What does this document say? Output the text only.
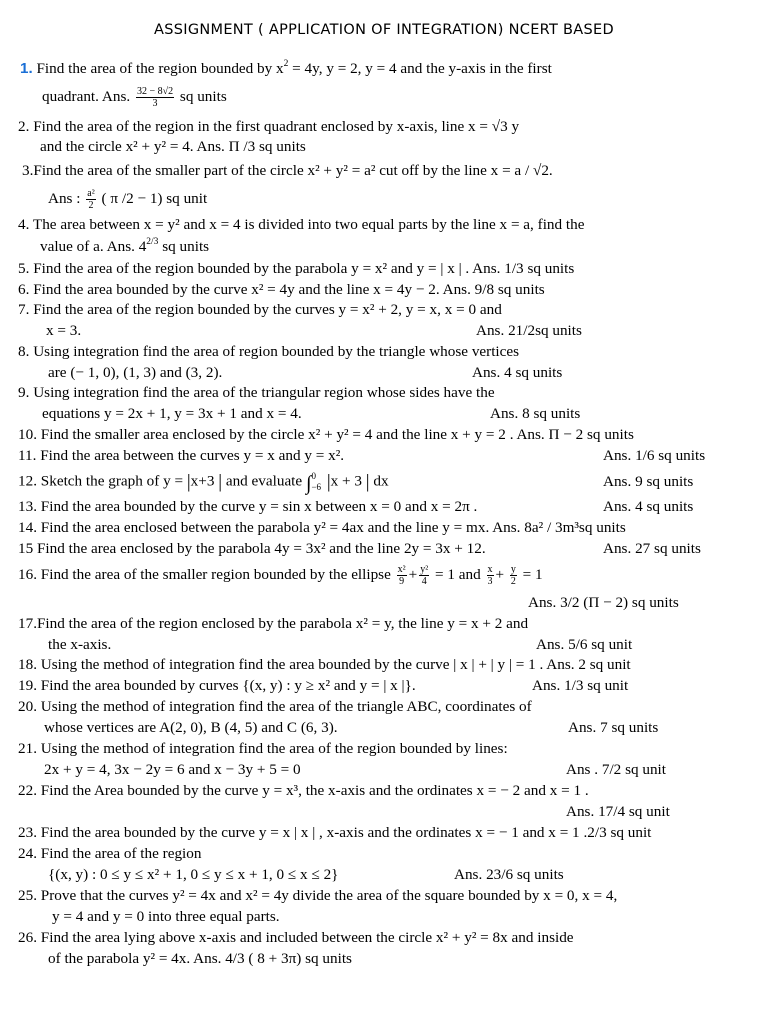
ASSIGNMENT ( APPLICATION OF INTEGRATION) NCERT BASED
1. Find the area of the region bounded by $x^2 = 4y$, y = 2, y = 4 and the y-axis in the first
quadrant. Ans. $\frac{32 - 8√2}{3}$ sq units
2. Find the area of the region in the first quadrant enclosed by x-axis, line x = √3 y
and the circle x² + y² = 4. Ans. Π /3 sq units
3.Find the area of the smaller part of the circle x² + y² = a² cut off by the line x = a / √2.
Ans : $\frac{\text{a²}}{2}$ ( π /2 − 1) sq unit
4. The area between x = y² and x = 4 is divided into two equal parts by the line x = a, find the
value of a. Ans. $4^{2/3}$ sq units
5. Find the area of the region bounded by the parabola y = x² and y = | x | . Ans. 1/3 sq units
6. Find the area bounded by the curve x² = 4y and the line x = 4y − 2. Ans. 9/8 sq units
7. Find the area of the region bounded by the curves y = x² + 2, y = x, x = 0 and
x = 3.	Ans. 21/2sq units
8. Using integration find the area of region bounded by the triangle whose vertices
are (− 1, 0), (1, 3) and (3, 2).	Ans. 4 sq units
9. Using integration find the area of the triangular region whose sides have the
equations y = 2x + 1, y = 3x + 1 and x = 4.	Ans. 8 sq units
10. Find the smaller area enclosed by the circle x² + y² = 4 and the line x + y = 2 . Ans. Π − 2 sq units
11. Find the area between the curves y = x and y = x².	Ans. 1/6 sq units
12. Sketch the graph of y = |x+3 | and evaluate ∫ 0
−6 |x + 3 | dx	Ans. 9 sq units
13. Find the area bounded by the curve y = sin x between x = 0 and x = 2π .	Ans. 4 sq units
14. Find the area enclosed between the parabola y² = 4ax and the line y = mx. Ans. 8a² / 3m³sq units
15 Find the area enclosed by the parabola 4y = 3x² and the line 2y = 3x + 12.	Ans. 27 sq units
16. Find the area of the smaller region bounded by the ellipse $\frac{\text{x²}}{9} + \frac{\text{y²}}{4} = 1$ and $\frac{x}{3} + \frac{y}{2} = 1$
Ans. 3/2 (Π − 2) sq units
17.Find the area of the region enclosed by the parabola x² = y, the line y = x + 2 and
the x-axis.	Ans. 5/6 sq unit
18. Using the method of integration find the area bounded by the curve | x | + | y | = 1 . Ans. 2 sq unit
19. Find the area bounded by curves {(x, y) : y ≥ x² and y = | x |}.	Ans. 1/3 sq unit
20. Using the method of integration find the area of the triangle ABC, coordinates of
whose vertices are A(2, 0), B (4, 5) and C (6, 3).	Ans. 7 sq units
21. Using the method of integration find the area of the region bounded by lines:
2x + y = 4, 3x − 2y = 6 and x − 3y + 5 = 0	Ans . 7/2 sq unit
22. Find the Area bounded by the curve y = x³, the x-axis and the ordinates x = − 2 and x = 1 .
Ans. 17/4 sq unit
23. Find the area bounded by the curve y = x | x | , x-axis and the ordinates x = − 1 and x = 1 .2/3 sq unit
24. Find the area of the region
{(x, y) : 0 ≤ y ≤ x² + 1, 0 ≤ y ≤ x + 1, 0 ≤ x ≤ 2}	Ans. 23/6 sq units
25. Prove that the curves y² = 4x and x² = 4y divide the area of the square bounded by x = 0, x = 4,
y = 4 and y = 0 into three equal parts.
26. Find the area lying above x-axis and included between the circle x² + y² = 8x and inside
of the parabola y² = 4x. Ans. 4/3 ( 8 + 3π) sq units
